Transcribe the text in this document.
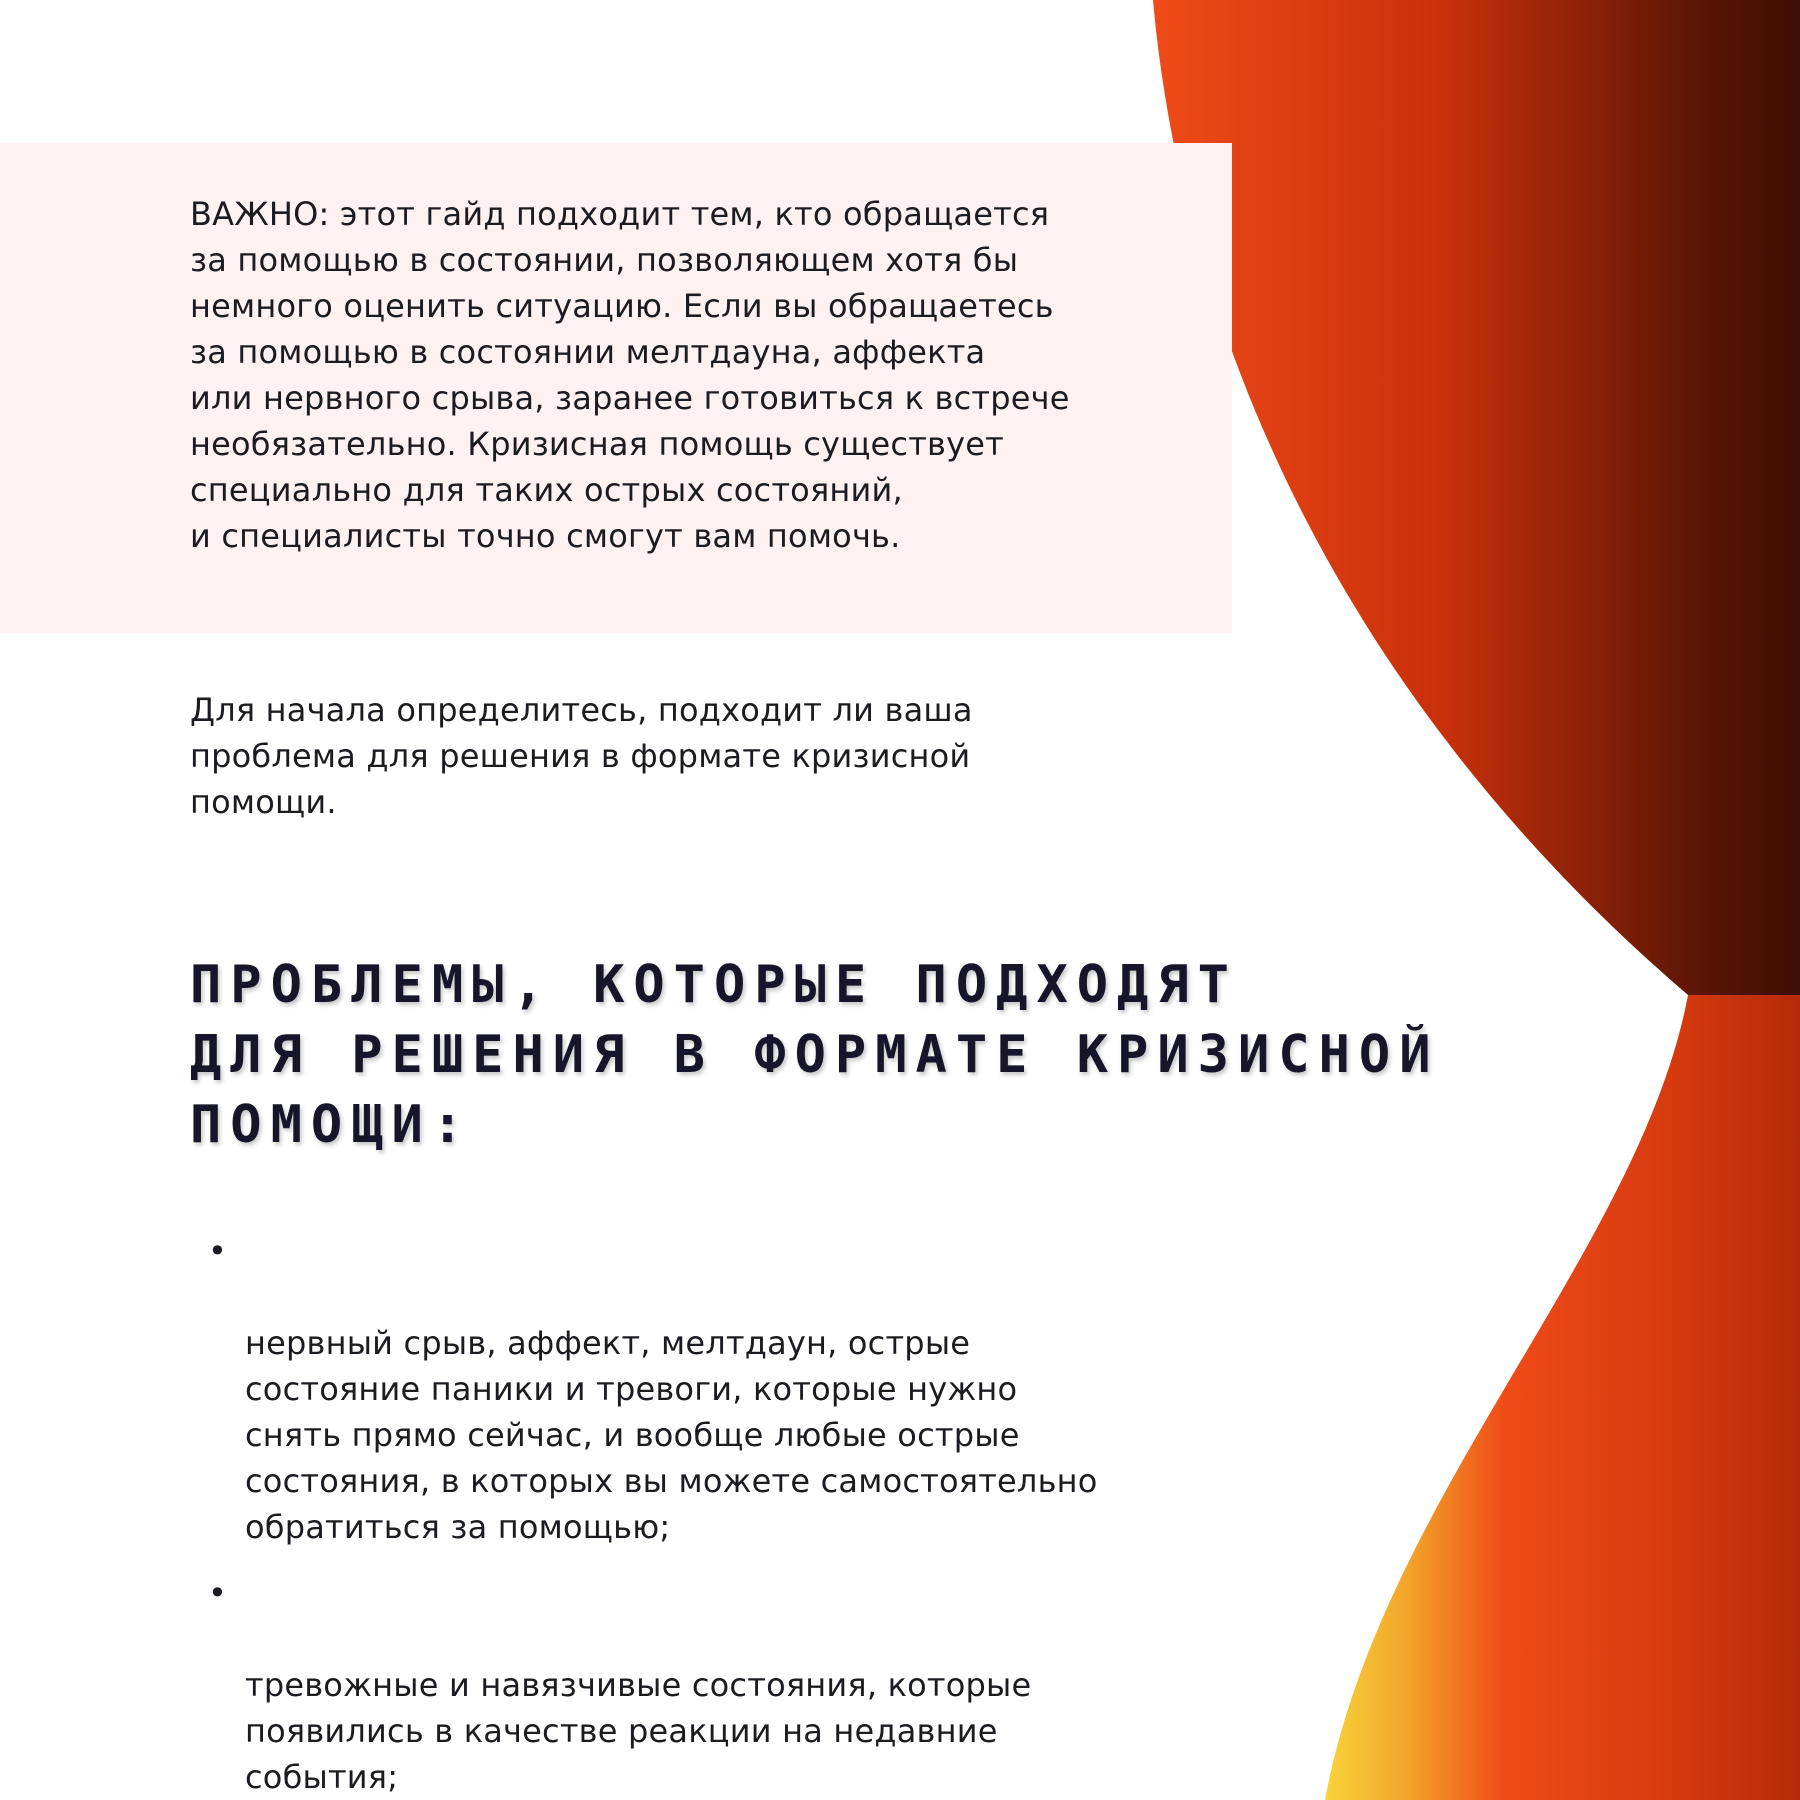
ВАЖНО: этот гайд подходит тем, кто обращается
за помощью в состоянии, позволяющем хотя бы
немного оценить ситуацию. Если вы обращаетесь
за помощью в состоянии мелтдауна, аффекта
или нервного срыва, заранее готовиться к встрече
необязательно. Кризисная помощь существует
специально для таких острых состояний,
и специалисты точно смогут вам помочь.

Для начала определитесь, подходит ли ваша
проблема для решения в формате кризисной
помощи.

ПРОБЛЕМЫ, КОТОРЫЕ ПОДХОДЯТ
ДЛЯ РЕШЕНИЯ В ФОРМАТЕ КРИЗИСНОЙ
ПОМОЩИ:

•

нервный срыв, аффект, мелтдаун, острые
состояние паники и тревоги, которые нужно
снять прямо сейчас, и вообще любые острые
состояния, в которых вы можете самостоятельно
обратиться за помощью;

•

тревожные и навязчивые состояния, которые
появились в качестве реакции на недавние
события;
